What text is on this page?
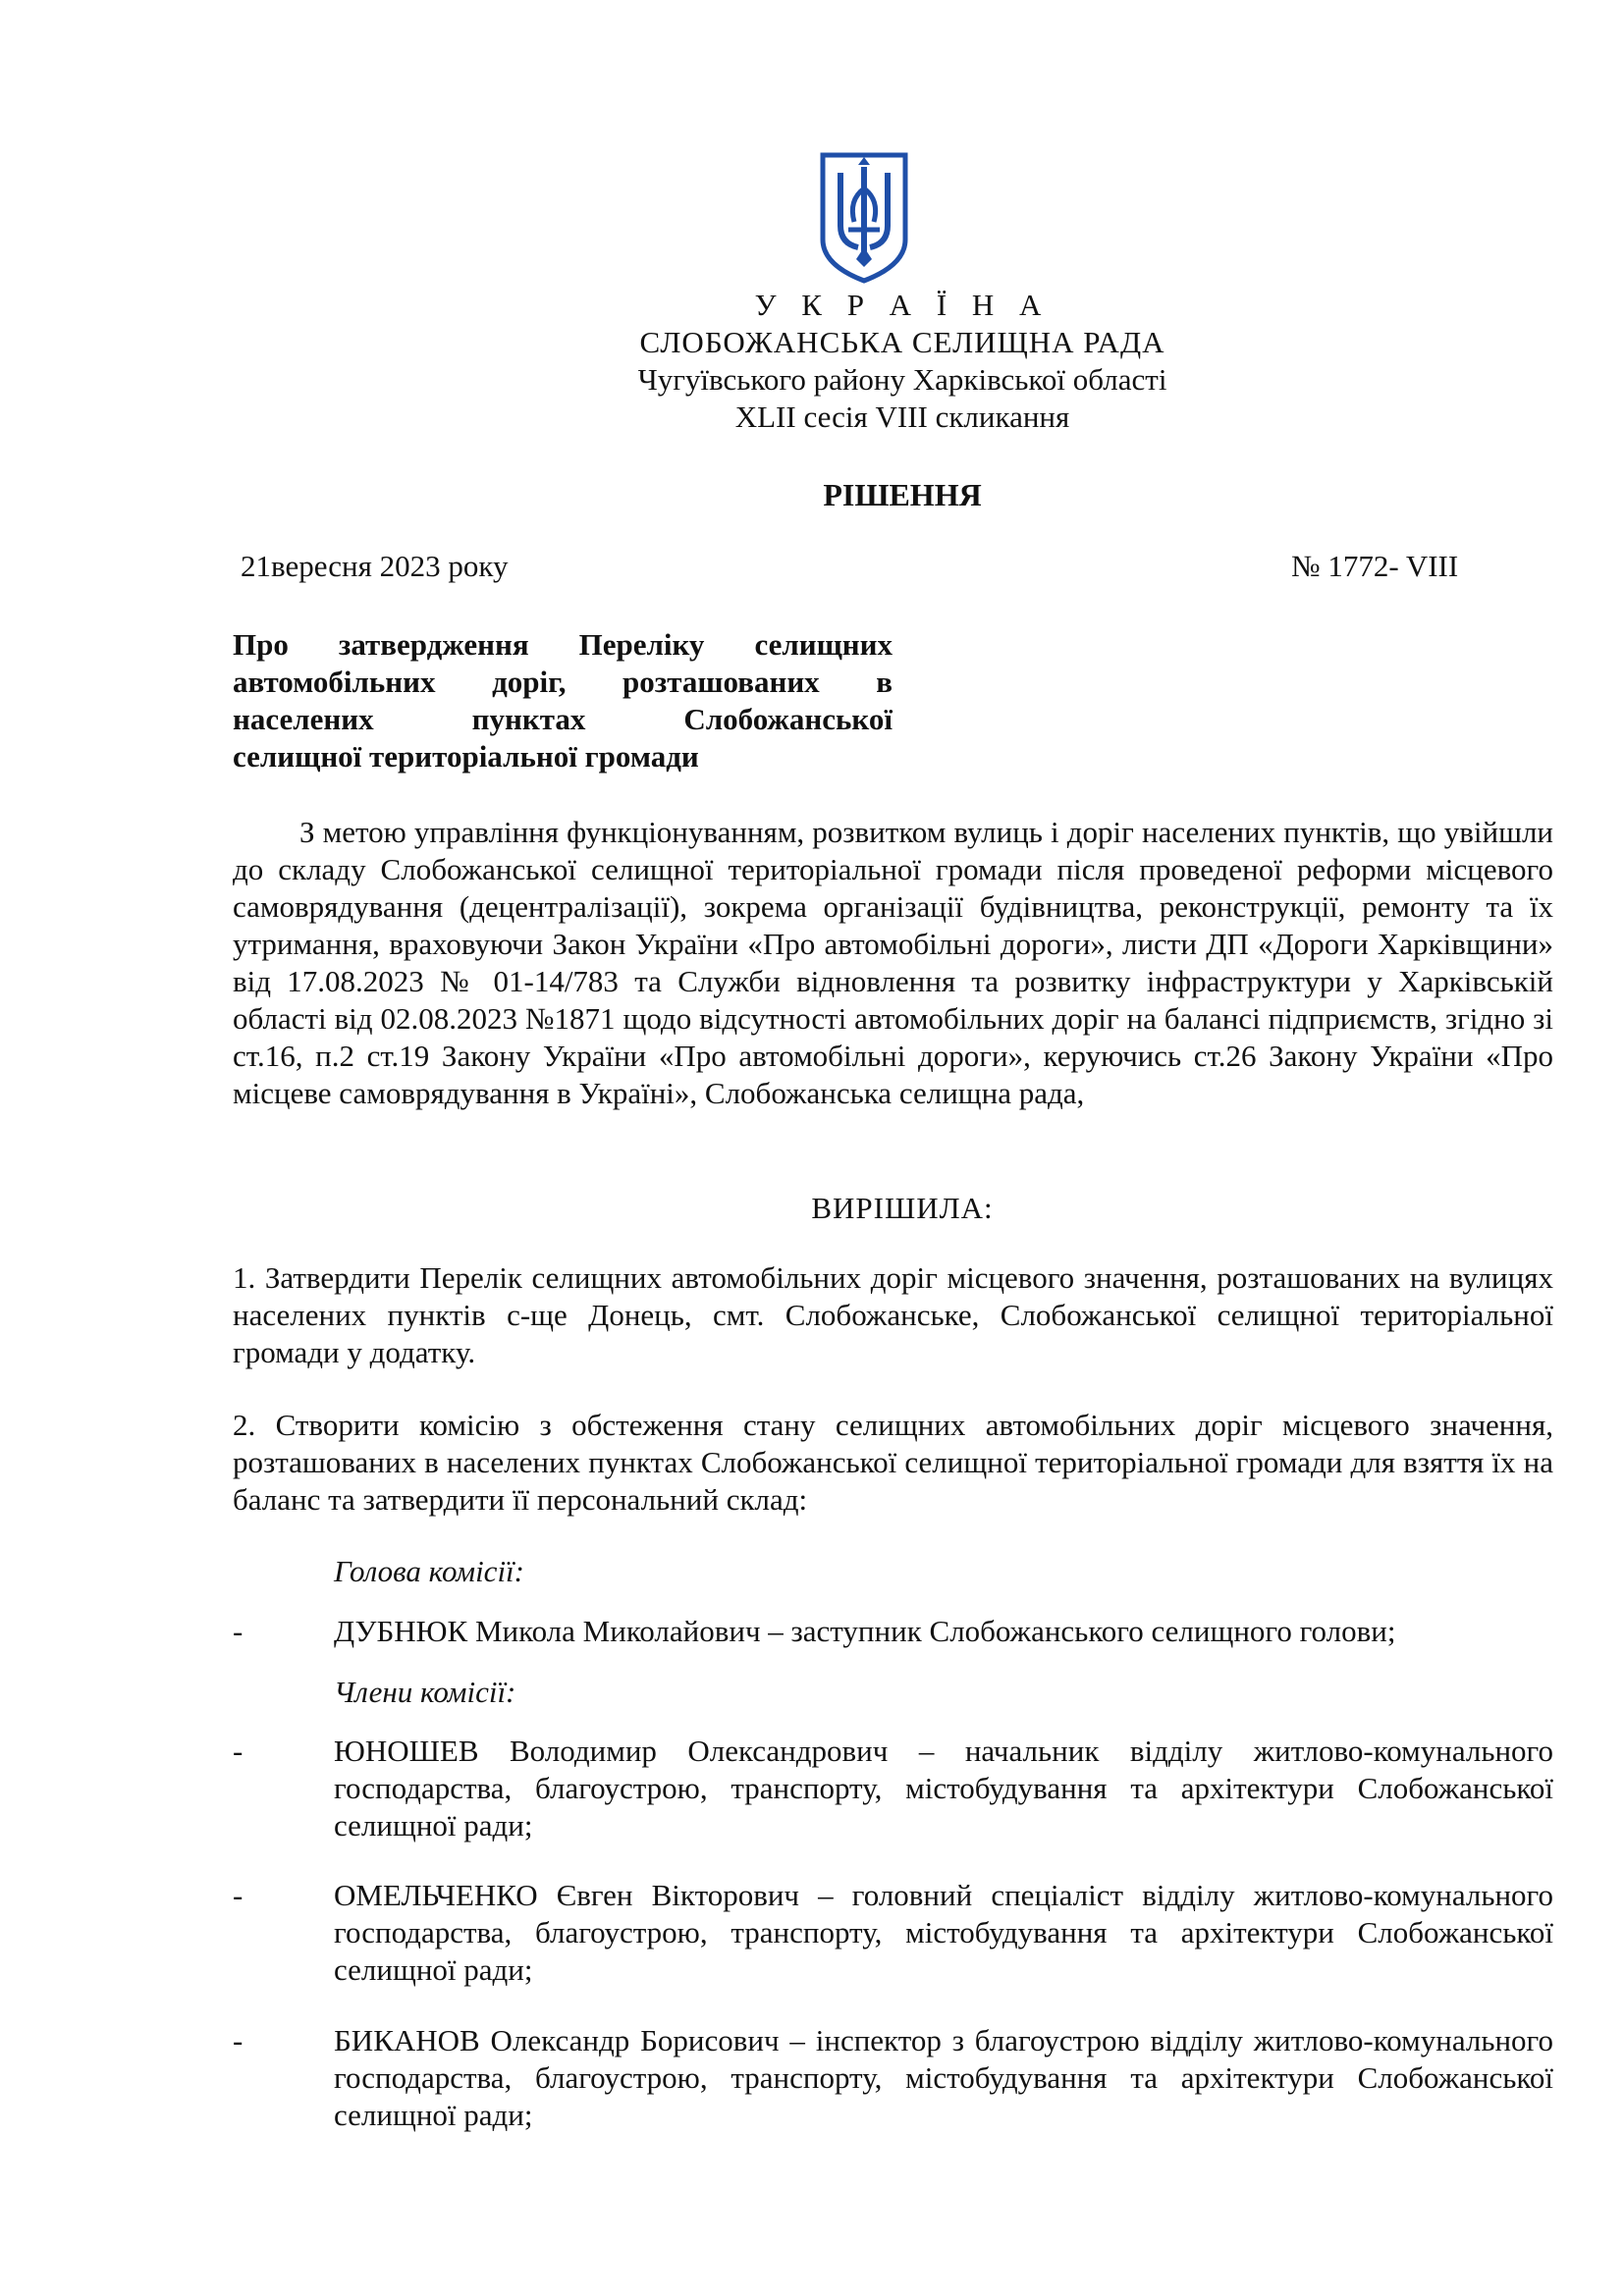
У К Р А Ї Н А
СЛОБОЖАНСЬКА СЕЛИЩНА РАДА
Чугуївського району Харківської області
XLII сесія VIII скликання
РІШЕННЯ
21вересня 2023 року	№ 1772- VIII
Про затвердження Переліку селищних
автомобільних доріг, розташованих в
населених пунктах Слобожанської
селищної територіальної громади

З метою управління функціонуванням, розвитком вулиць і доріг населених пунктів, що увійшли до складу Слобожанської селищної територіальної громади після проведеної реформи місцевого самоврядування (децентралізації), зокрема організації будівництва, реконструкції, ремонту та їх утримання, враховуючи Закон України «Про автомобільні дороги», листи ДП «Дороги Харківщини» від 17.08.2023 № 01-14/783 та Служби відновлення та розвитку інфраструктури у Харківській області від 02.08.2023 №1871 щодо відсутності автомобільних доріг на балансі підприємств, згідно зі ст.16, п.2 ст.19 Закону України «Про автомобільні дороги», керуючись ст.26 Закону України «Про місцеве самоврядування в Україні», Слобожанська селищна рада,

ВИРІШИЛА:

1. Затвердити Перелік селищних автомобільних доріг місцевого значення, розташованих на вулицях населених пунктів с-ще Донець, смт. Слобожанське, Слобожанської селищної територіальної громади у додатку.

2. Створити комісію з обстеження стану селищних автомобільних доріг місцевого значення, розташованих в населених пунктах Слобожанської селищної територіальної громади для взяття їх на баланс та затвердити її персональний склад:

Голова комісії:
-	ДУБНЮК Микола Миколайович – заступник Слобожанського селищного голови;

Члени комісії:
-	ЮНОШЕВ Володимир Олександрович – начальник відділу житлово-комунального господарства, благоустрою, транспорту, містобудування та архітектури Слобожанської селищної ради;

-	ОМЕЛЬЧЕНКО Євген Вікторович – головний спеціаліст відділу житлово-комунального господарства, благоустрою, транспорту, містобудування та архітектури Слобожанської селищної ради;

-	БИКАНОВ Олександр Борисович – інспектор з благоустрою відділу житлово-комунального господарства, благоустрою, транспорту, містобудування та архітектури Слобожанської селищної ради;
